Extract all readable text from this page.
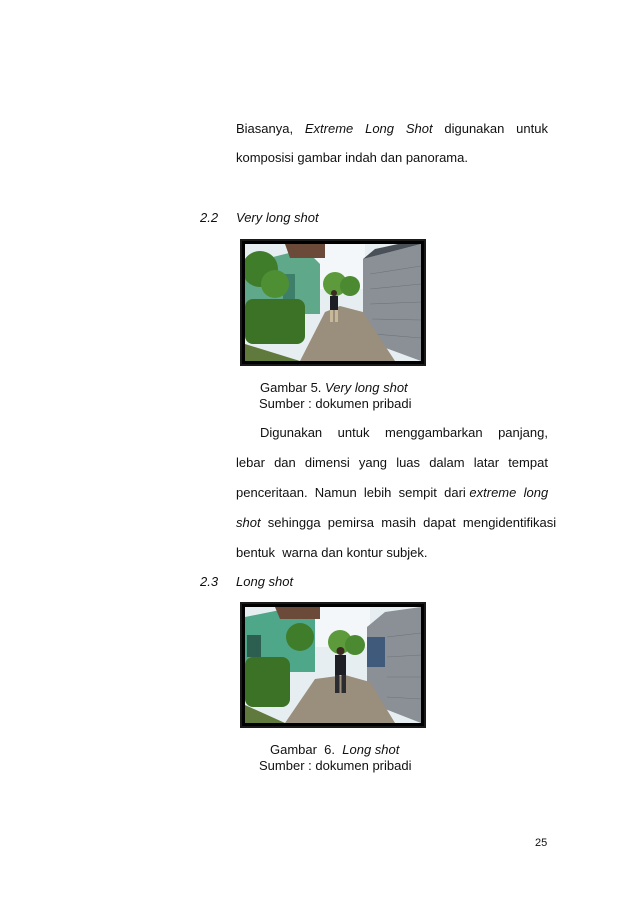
Biasanya, Extreme Long Shot digunakan untuk
komposisi gambar indah dan panorama.
2.2 Very long shot
Gambar 5. Very long shot
Sumber : dokumen pribadi
Digunakan untuk menggambarkan panjang,
lebar dan dimensi yang luas dalam latar tempat
penceritaan.  Namun  lebih  sempit  dari extreme  long
shot  sehingga  pemirsa  masih  dapat  mengidentifikasi
bentuk  warna dan kontur subjek.
2.3 Long shot
Gambar  6. Long shot
Sumber : dokumen pribadi
25
